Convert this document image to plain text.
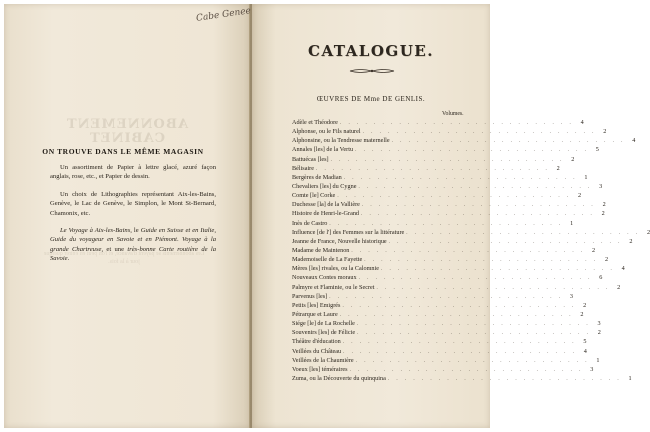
Cabe Genee
ABONNEMENT
CABINET
Les abonnements se payent d'avance, et l'on peut en entrer quelque jour à la fois.
ON TROUVE DANS LE MÊME MAGASIN

Un assortiment de Papier à lettre glacé, azuré façon anglais, rose, etc., et Papier de dessin.

Un choix de Lithographies représentant Aix-les-Bains, Genève, le Lac de Genève, le Simplon, le Mont St-Bernard, Chamonix, etc.

Le Voyage à Aix-les-Bains, le Guide en Suisse et en Italie, Guide du voyageur en Savoie et en Piémont. Voyage à la grande Chartreuse, et une très-bonne Carte routière de la Savoie.

CATALOGUE.
ŒUVRES DE Mme DE GENLIS.
Volumes.
Adèle et Théodore . . . . . . . . . . . . . . . . . . . . . . . . . . . .	4
Alphonse, ou le Fils naturel . . . . . . . . . . . . . . . . . . . . . . . . . . . .	2
Alphonsine, ou la Tendresse maternelle . . . . . . . . . . . . . . . . . . . . . . . . . . . .	4
Annales [les] de la Vertu . . . . . . . . . . . . . . . . . . . . . . . . . . . .	5
Battuécas [les] . . . . . . . . . . . . . . . . . . . . . . . . . . . .	2
Bélisaire . . . . . . . . . . . . . . . . . . . . . . . . . . . .	2
Bergères de Madian . . . . . . . . . . . . . . . . . . . . . . . . . . . .	1
Chevaliers [les] du Cygne . . . . . . . . . . . . . . . . . . . . . . . . . . . .	3
Comte [le] Corke . . . . . . . . . . . . . . . . . . . . . . . . . . . .	2
Duchesse [la] de la Vallière . . . . . . . . . . . . . . . . . . . . . . . . . . . .	2
Histoire de Henri-le-Grand . . . . . . . . . . . . . . . . . . . . . . . . . . . .	2
Inès de Castro . . . . . . . . . . . . . . . . . . . . . . . . . . . .	1
Influence [de l'] des Femmes sur la littérature . . . . . . . . . . . . . . . . . . . . . . . . . . . .	2
Jeanne de France, Nouvelle historique . . . . . . . . . . . . . . . . . . . . . . . . . . . .	2
Madame de Maintenon . . . . . . . . . . . . . . . . . . . . . . . . . . . .	2
Mademoiselle de La Fayette . . . . . . . . . . . . . . . . . . . . . . . . . . . .	2
Mères [les] rivales, ou la Calomnie . . . . . . . . . . . . . . . . . . . . . . . . . . . .	4
Nouveaux Contes moraux . . . . . . . . . . . . . . . . . . . . . . . . . . . .	6
Palmyre et Flaminie, ou le Secret . . . . . . . . . . . . . . . . . . . . . . . . . . . .	2
Parvenus [les] . . . . . . . . . . . . . . . . . . . . . . . . . . . .	3
Petits [les] Emigrés . . . . . . . . . . . . . . . . . . . . . . . . . . . .	2
Pétrarque et Laure . . . . . . . . . . . . . . . . . . . . . . . . . . . .	2
Siége [le] de La Rochelle . . . . . . . . . . . . . . . . . . . . . . . . . . . .	3
Souvenirs [les] de Félicie . . . . . . . . . . . . . . . . . . . . . . . . . . . .	2
Théâtre d'éducation . . . . . . . . . . . . . . . . . . . . . . . . . . . .	5
Veillées du Château . . . . . . . . . . . . . . . . . . . . . . . . . . . .	4
Veillées de la Chaumière . . . . . . . . . . . . . . . . . . . . . . . . . . . .	1
Voeux [les] téméraires . . . . . . . . . . . . . . . . . . . . . . . . . . . .	3
Zuma, ou la Découverte du quinquina . . . . . . . . . . . . . . . . . . . . . . . . . . . .	1
